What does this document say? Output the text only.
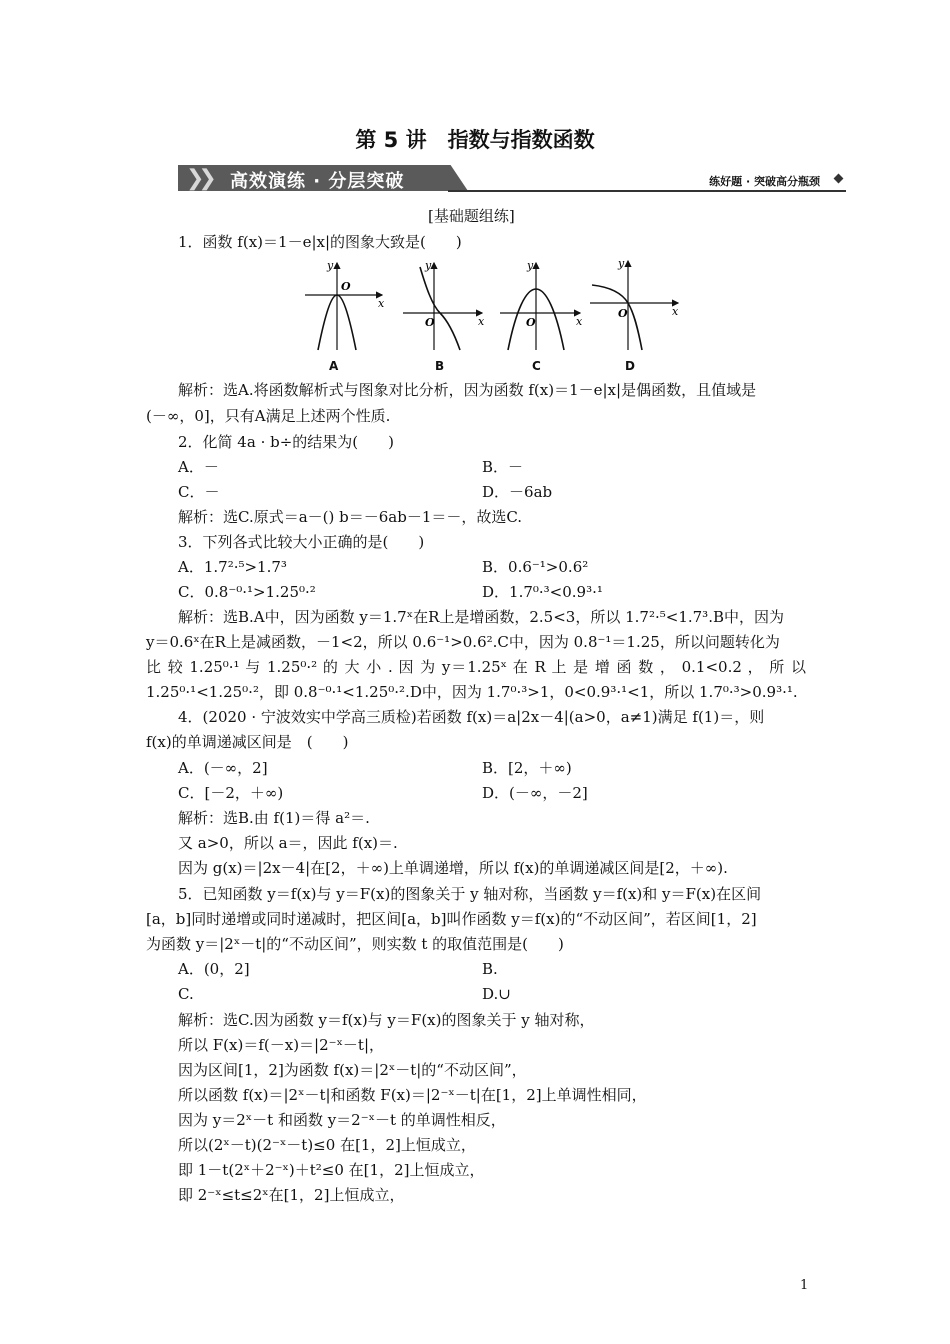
第 5 讲　指数与指数函数
❯❯ 高效演练 · 分层突破	练好题 · 突破高分瓶颈
[基础题组练]
1．函数 f(x)＝1－e|x|的图象大致是(　　)
y
x
O
y
x
O
y
x
O
y
x
O
A	B	C	D
解析：选A.将函数解析式与图象对比分析，因为函数 f(x)＝1－e|x|是偶函数，且值域是
(－∞，0]，只有A满足上述两个性质.
2．化简 4a · b÷的结果为(　　)
A．－	B．－
C．－	D．－6ab
解析：选C.原式＝a－() b＝－6ab－1＝－，故选C.
3．下列各式比较大小正确的是(　　)
A．1.7²·⁵>1.7³	B．0.6⁻¹>0.6²
C．0.8⁻⁰·¹>1.25⁰·²	D．1.7⁰·³<0.9³·¹
解析：选B.A中，因为函数 y＝1.7ˣ在R上是增函数，2.5<3，所以 1.7²·⁵<1.7³.B中，因为
y＝0.6ˣ在R上是减函数，－1<2，所以 0.6⁻¹>0.6².C中，因为 0.8⁻¹＝1.25，所以问题转化为
比 较 1.25⁰·¹ 与 1.25⁰·² 的 大 小 . 因 为 y＝1.25ˣ 在 R 上 是 增 函 数 ， 0.1<0.2 ， 所 以
1.25⁰·¹<1.25⁰·²，即 0.8⁻⁰·¹<1.25⁰·².D中，因为 1.7⁰·³>1，0<0.9³·¹<1，所以 1.7⁰·³>0.9³·¹.
4．(2020 · 宁波效实中学高三质检)若函数 f(x)＝a|2x－4|(a>0，a≠1)满足 f(1)＝，则
f(x)的单调递减区间是　(　　)
A．(－∞，2]	B．[2，＋∞)
C．[－2，＋∞)	D．(－∞，－2]
解析：选B.由 f(1)＝得 a²＝.
又 a>0，所以 a＝，因此 f(x)＝.
因为 g(x)＝|2x－4|在[2，＋∞)上单调递增，所以 f(x)的单调递减区间是[2，＋∞).
5．已知函数 y＝f(x)与 y＝F(x)的图象关于 y 轴对称，当函数 y＝f(x)和 y＝F(x)在区间
[a，b]同时递增或同时递减时，把区间[a，b]叫作函数 y＝f(x)的“不动区间”，若区间[1，2]
为函数 y＝|2ˣ－t|的“不动区间”，则实数 t 的取值范围是(　　)
A．(0，2]	B.
C.	D.∪
解析：选C.因为函数 y＝f(x)与 y＝F(x)的图象关于 y 轴对称，
所以 F(x)＝f(－x)＝|2⁻ˣ－t|，
因为区间[1，2]为函数 f(x)＝|2ˣ－t|的“不动区间”，
所以函数 f(x)＝|2ˣ－t|和函数 F(x)＝|2⁻ˣ－t|在[1，2]上单调性相同，
因为 y＝2ˣ－t 和函数 y＝2⁻ˣ－t 的单调性相反，
所以(2ˣ－t)(2⁻ˣ－t)≤0 在[1，2]上恒成立，
即 1－t(2ˣ＋2⁻ˣ)＋t²≤0 在[1，2]上恒成立，
即 2⁻ˣ≤t≤2ˣ在[1，2]上恒成立，
1
